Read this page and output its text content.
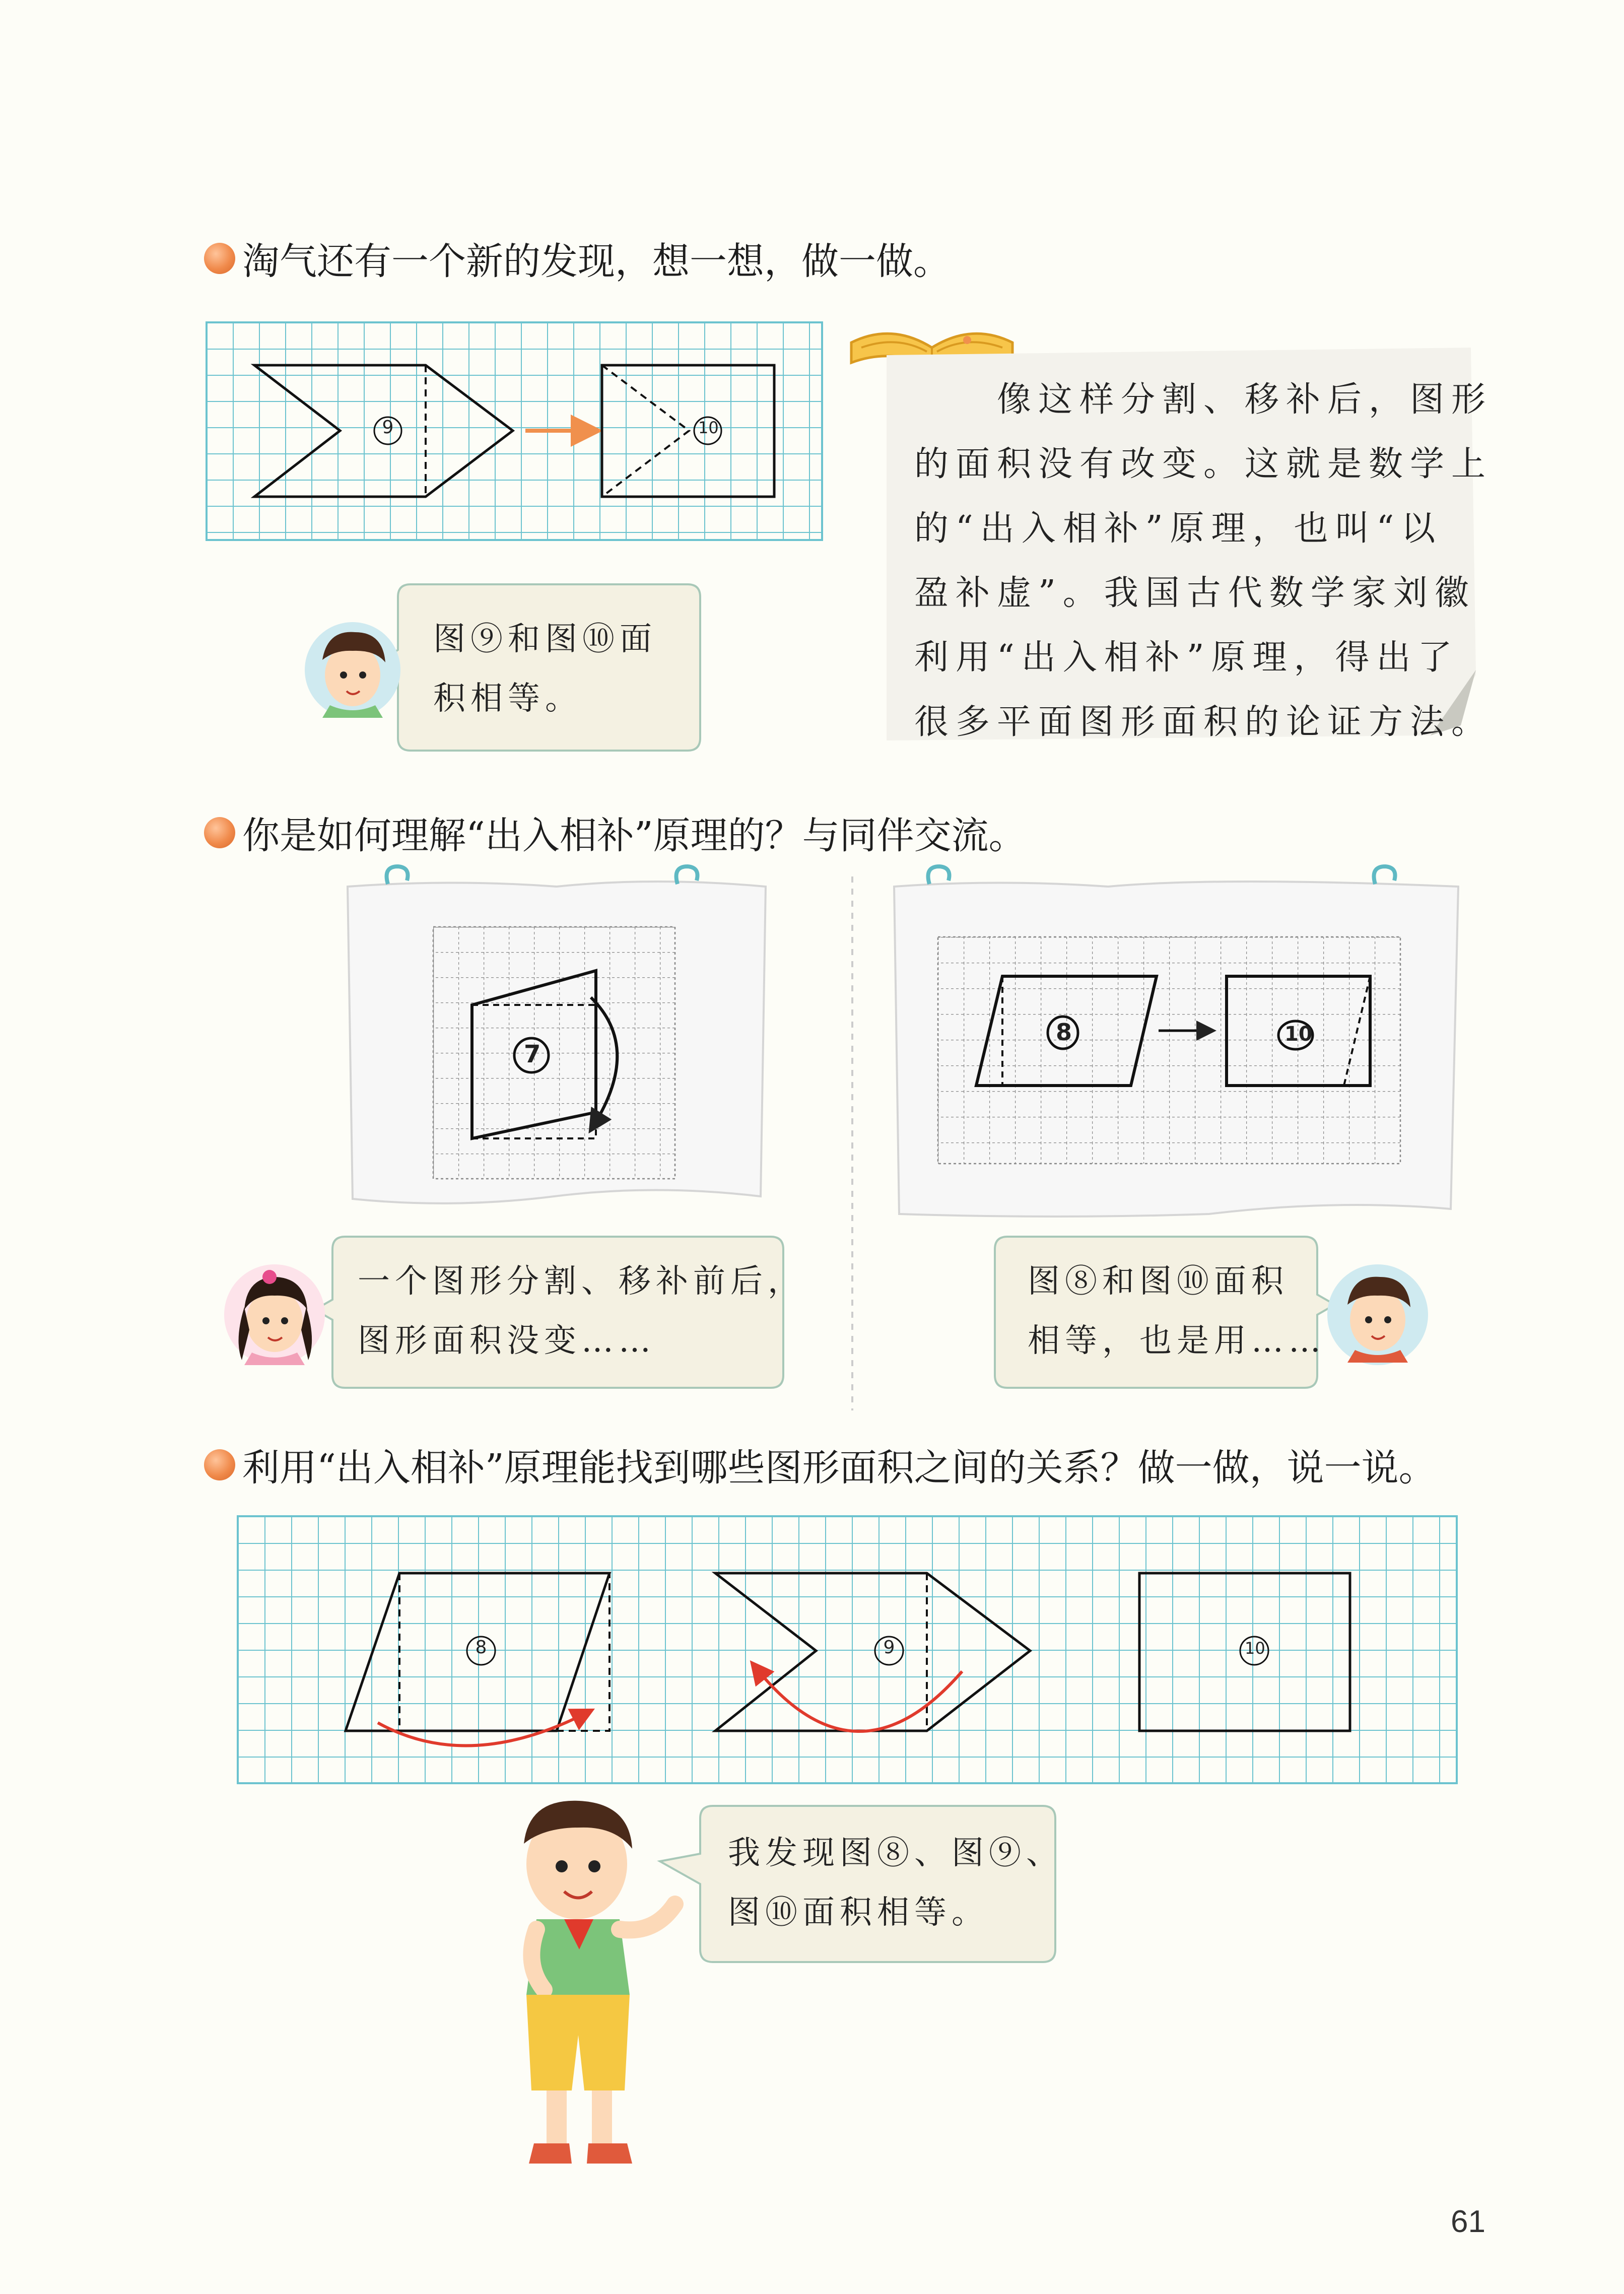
淘气还有一个新的发现，想一想，做一做。
你是如何理解“出入相补”原理的？与同伴交流。
利用“出入相补”原理能找到哪些图形面积之间的关系？做一做，说一说。
9	10
7
8	10
8	9	10
　　像这样分割、移补后，图形
的面积没有改变。这就是数学上
的“出入相补”原理，也叫“以
盈补虚”。我国古代数学家刘徽
利用“出入相补”原理，得出了
很多平面图形面积的论证方法。
图⑨和图⑩面
积相等。
一个图形分割、移补前后，
图形面积没变……
图⑧和图⑩面积
相等，也是用……
我发现图⑧、图⑨、
图⑩面积相等。
61
